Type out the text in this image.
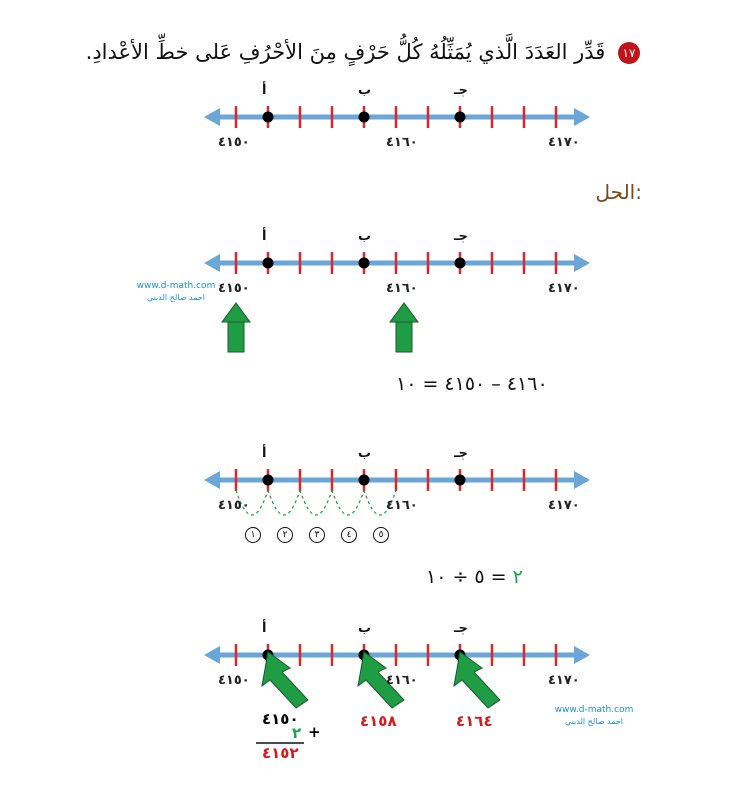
١٧ قَدِّر العَدَدَ الَّذي يُمَثِّلُهُ كُلُّ حَرْفٍ مِنَ الأحْرُفِ عَلى خطِّ الأعْدادِ.
أ	ب	جـ
٤١٥٠	٤١٦٠	٤١٧٠
أ	ب	جـ
٤١٥٠	٤١٦٠	٤١٧٠
أ	ب	جـ
٤١٥٠	٤١٦٠	٤١٧٠
أ	ب	جـ
٤١٥٠	٤١٦٠	٤١٧٠
الحل:
www.d-math.com
احمد صالح الدبني
www.d-math.com
احمد صالح الدبني
٤١٦٠ – ٤١٥٠ = ١٠
١	٢	٣	٤	٥
٢ = ٥ ÷ ١٠
٤١٥٠
٢ +
٤١٥٢
٤١٥٨	٤١٦٤
